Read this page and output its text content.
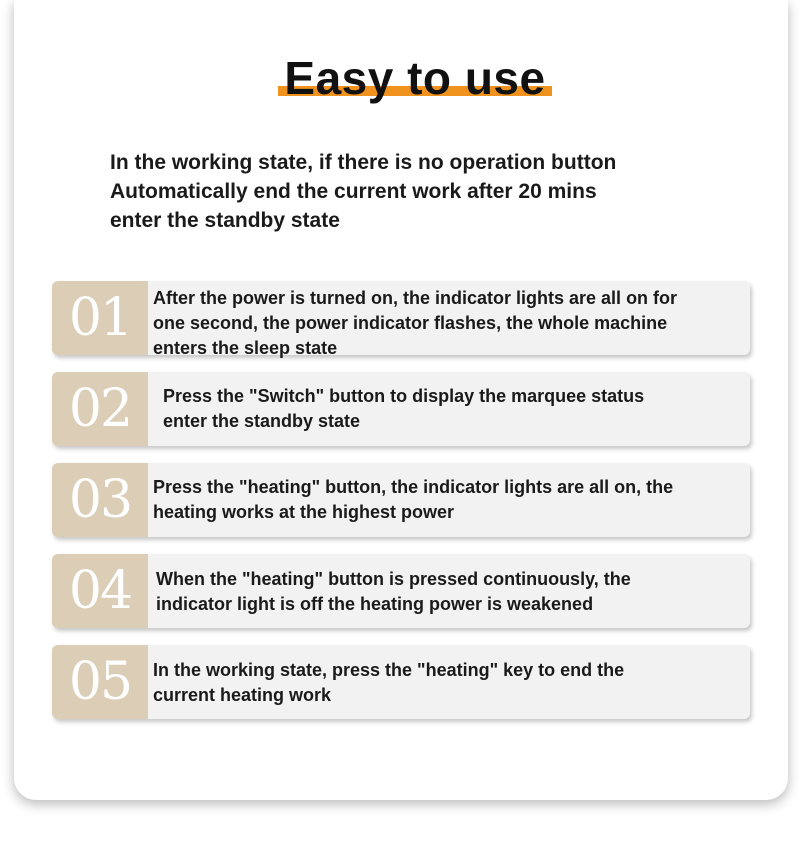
Easy to use
In the working state, if there is no operation button
Automatically end the current work after 20 mins
enter the standby state
01	After the power is turned on, the indicator lights are all on for
one second, the power indicator flashes, the whole machine
enters the sleep state
02	Press the "Switch" button to display the marquee status
enter the standby state
03	Press the "heating" button, the indicator lights are all on, the
heating works at the highest power
04	When the "heating" button is pressed continuously, the
indicator light is off the heating power is weakened
05	In the working state, press the "heating" key to end the
current heating work
